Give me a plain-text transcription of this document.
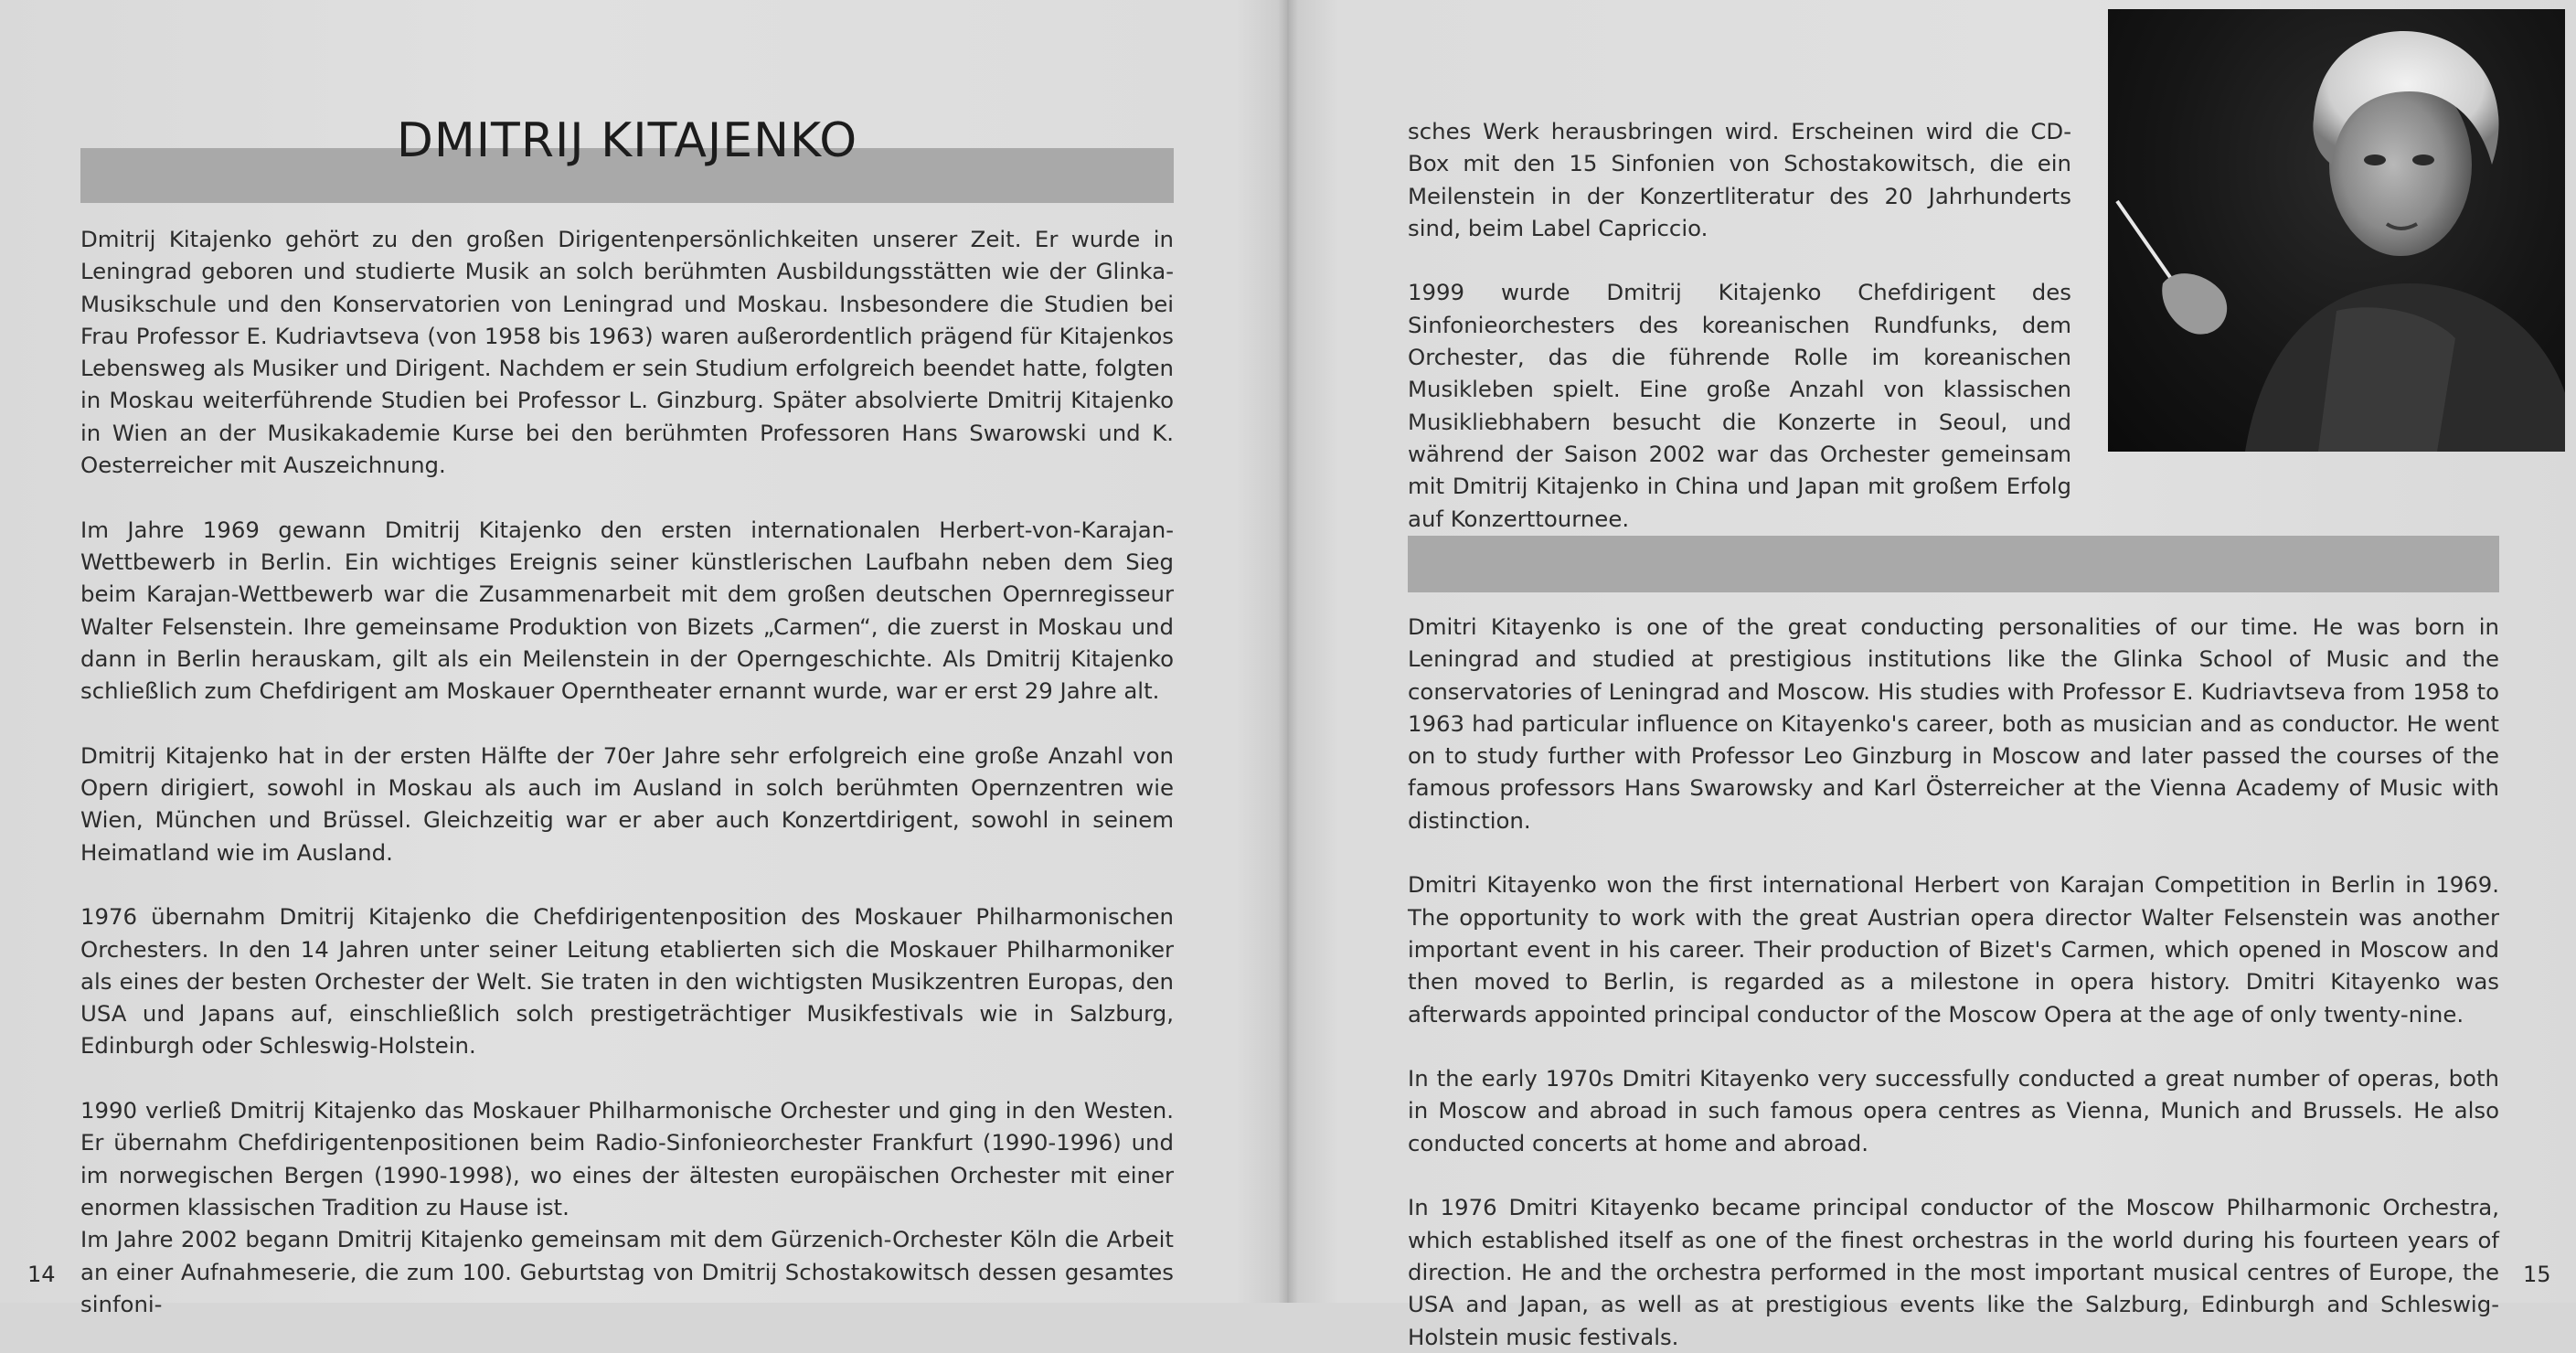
DMITRIJ KITAJENKO

Dmitrij Kitajenko gehört zu den großen Dirigentenpersönlichkeiten unserer Zeit. Er wurde in Leningrad geboren und studierte Musik an solch berühmten Ausbildungsstätten wie der Glinka-Musikschule und den Konservatorien von Leningrad und Moskau. Insbesondere die Studien bei Frau Professor E. Kudriavtseva (von 1958 bis 1963) waren außerordentlich prägend für Kitajenkos Lebensweg als Musiker und Dirigent. Nachdem er sein Studium erfolgreich beendet hatte, folgten in Moskau weiterführende Studien bei Professor L. Ginzburg. Später absolvierte Dmitrij Kitajenko in Wien an der Musikakademie Kurse bei den berühmten Professoren Hans Swarowski und K. Oesterreicher mit Auszeichnung.

Im Jahre 1969 gewann Dmitrij Kitajenko den ersten internationalen Herbert-von-Karajan-Wettbewerb in Berlin. Ein wichtiges Ereignis seiner künstlerischen Laufbahn neben dem Sieg beim Karajan-Wettbewerb war die Zusammenarbeit mit dem großen deutschen Opernregisseur Walter Felsenstein. Ihre gemeinsame Produktion von Bizets „Carmen“, die zuerst in Moskau und dann in Berlin herauskam, gilt als ein Meilenstein in der Operngeschichte. Als Dmitrij Kitajenko schließlich zum Chefdirigent am Moskauer Operntheater ernannt wurde, war er erst 29 Jahre alt.

Dmitrij Kitajenko hat in der ersten Hälfte der 70er Jahre sehr erfolgreich eine große Anzahl von Opern dirigiert, sowohl in Moskau als auch im Ausland in solch berühmten Opernzentren wie Wien, München und Brüssel. Gleichzeitig war er aber auch Konzertdirigent, sowohl in seinem Heimatland wie im Ausland.

1976 übernahm Dmitrij Kitajenko die Chefdirigentenposition des Moskauer Philharmonischen Orchesters. In den 14 Jahren unter seiner Leitung etablierten sich die Moskauer Philharmoniker als eines der besten Orchester der Welt. Sie traten in den wichtigsten Musikzentren Europas, den USA und Japans auf, einschließlich solch prestigeträchtiger Musikfestivals wie in Salzburg, Edinburgh oder Schleswig-Holstein.

1990 verließ Dmitrij Kitajenko das Moskauer Philharmonische Orchester und ging in den Westen. Er übernahm Chefdirigentenpositionen beim Radio-Sinfonieorchester Frankfurt (1990-1996) und im norwegischen Bergen (1990-1998), wo eines der ältesten europäischen Orchester mit einer enormen klassischen Tradition zu Hause ist.

Im Jahre 2002 begann Dmitrij Kitajenko gemeinsam mit dem Gürzenich-Orchester Köln die Arbeit an einer Aufnahmeserie, die zum 100. Geburtstag von Dmitrij Schostakowitsch dessen gesamtes sinfoni-

14

sches Werk herausbringen wird. Erscheinen wird die CD-Box mit den 15 Sinfonien von Schostakowitsch, die ein Meilenstein in der Konzertliteratur des 20 Jahrhunderts sind, beim Label Capriccio.

1999 wurde Dmitrij Kitajenko Chefdirigent des Sinfonieorchesters des koreanischen Rundfunks, dem Orchester, das die führende Rolle im koreanischen Musikleben spielt. Eine große Anzahl von klassischen Musikliebhabern besucht die Konzerte in Seoul, und während der Saison 2002 war das Orchester gemeinsam mit Dmitrij Kitajenko in China und Japan mit großem Erfolg auf Konzerttournee.

Dmitri Kitayenko is one of the great conducting personalities of our time. He was born in Leningrad and studied at prestigious institutions like the Glinka School of Music and the conservatories of Leningrad and Moscow. His studies with Professor E. Kudriavtseva from 1958 to 1963 had particular influence on Kitayenko's career, both as musician and as conductor. He went on to study further with Professor Leo Ginzburg in Moscow and later passed the courses of the famous professors Hans Swarowsky and Karl Österreicher at the Vienna Academy of Music with distinction.

Dmitri Kitayenko won the first international Herbert von Karajan Competition in Berlin in 1969. The opportunity to work with the great Austrian opera director Walter Felsenstein was another important event in his career. Their production of Bizet's Carmen, which opened in Moscow and then moved to Berlin, is regarded as a milestone in opera history. Dmitri Kitayenko was afterwards appointed principal conductor of the Moscow Opera at the age of only twenty-nine.

In the early 1970s Dmitri Kitayenko very successfully conducted a great number of operas, both in Moscow and abroad in such famous opera centres as Vienna, Munich and Brussels. He also conducted concerts at home and abroad.

In 1976 Dmitri Kitayenko became principal conductor of the Moscow Philharmonic Orchestra, which established itself as one of the finest orchestras in the world during his fourteen years of direction. He and the orchestra performed in the most important musical centres of Europe, the USA and Japan, as well as at prestigious events like the Salzburg, Edinburgh and Schleswig-Holstein music festivals.

15
